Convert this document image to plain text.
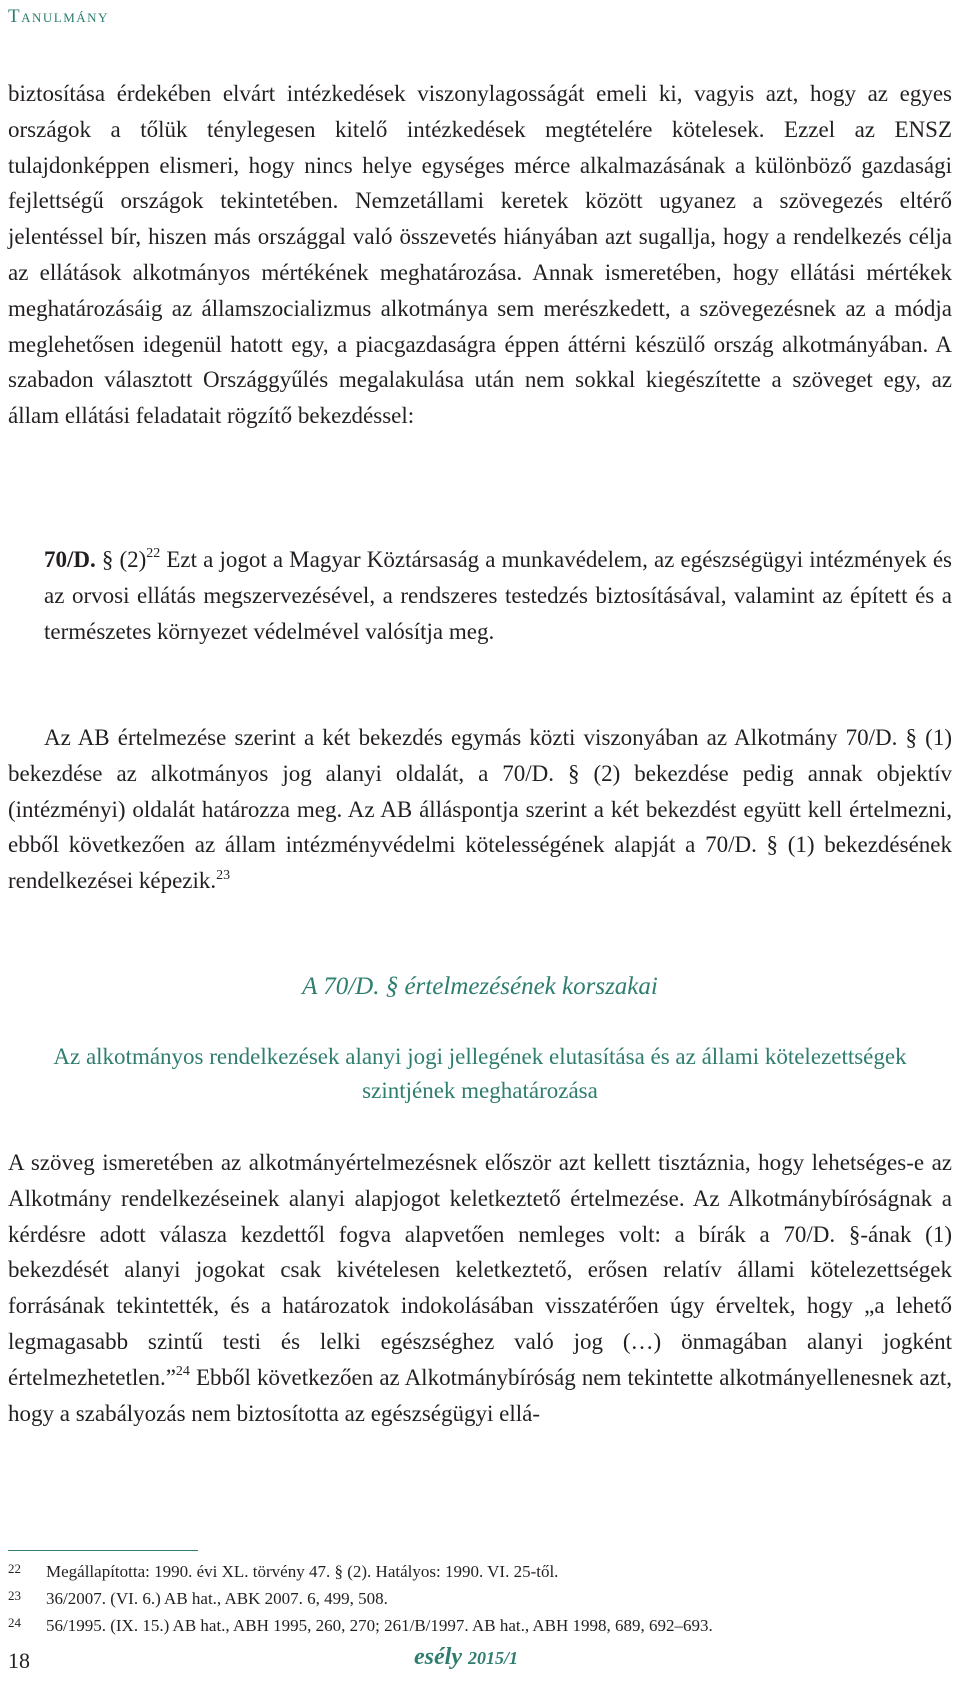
Tanulmány
biztosítása érdekében elvárt intézkedések viszonylagosságát emeli ki, vagyis azt, hogy az egyes országok a tőlük ténylegesen kitelő intézkedések megtételére kötelesek. Ezzel az ENSZ tulajdonképpen elismeri, hogy nincs helye egységes mérce alkalmazásának a különböző gazdasági fejlettségű országok tekintetében. Nemzetállami keretek között ugyanez a szövegezés eltérő jelentéssel bír, hiszen más országgal való összevetés hiányában azt sugallja, hogy a rendelkezés célja az ellátások alkotmányos mértékének meghatározása. Annak ismeretében, hogy ellátási mértékek meghatározásáig az államszocializmus alkotmánya sem merészkedett, a szövegezésnek az a módja meglehetősen idegenül hatott egy, a piacgazdaságra éppen áttérni készülő ország alkotmányában. A szabadon választott Országgyűlés megalakulása után nem sokkal kiegészítette a szöveget egy, az állam ellátási feladatait rögzítő bekezdéssel:
70/D. § $(2)^{22}$ Ezt a jogot a Magyar Köztársaság a munkavédelem, az egészségügyi intézmények és az orvosi ellátás megszervezésével, a rendszeres testedzés biztosításával, valamint az épített és a természetes környezet védelmével valósítja meg.
Az AB értelmezése szerint a két bekezdés egymás közti viszonyában az Alkotmány 70/D. § (1) bekezdése az alkotmányos jog alanyi oldalát, a 70/D. § (2) bekezdése pedig annak objektív (intézményi) oldalát határozza meg. Az AB álláspontja szerint a két bekezdést együtt kell értelmezni, ebből következően az állam intézményvédelmi kötelességének alapját a 70/D. § (1) bekezdésének rendelkezései képezik.$^{23}$
A 70/D. § értelmezésének korszakai
Az alkotmányos rendelkezések alanyi jogi jellegének elutasítása és az állami kötelezettségek szintjének meghatározása
A szöveg ismeretében az alkotmányértelmezésnek először azt kellett tisztáznia, hogy lehetséges-e az Alkotmány rendelkezéseinek alanyi alapjogot keletkeztető értelmezése. Az Alkotmánybíróságnak a kérdésre adott válasza kezdettől fogva alapvetően nemleges volt: a bírák a 70/D. §-ának (1) bekezdését alanyi jogokat csak kivételesen keletkeztető, erősen relatív állami kötelezettségek forrásának tekintették, és a határozatok indokolásában visszatérően úgy érveltek, hogy „a lehető legmagasabb szintű testi és lelki egészséghez való jog (…) önmagában alanyi jogként értelmezhetetlen.”$^{24}$ Ebből következően az Alkotmánybíróság nem tekintette alkotmányellenesnek azt, hogy a szabályozás nem biztosította az egészségügyi ellá-
22	Megállapította: 1990. évi XL. törvény 47. § (2). Hatályos: 1990. VI. 25-től.
23	36/2007. (VI. 6.) AB hat., ABK 2007. 6, 499, 508.
24	56/1995. (IX. 15.) AB hat., ABH 1995, 260, 270; 261/B/1997. AB hat., ABH 1998, 689, 692–693.
18	esély 2015/1
